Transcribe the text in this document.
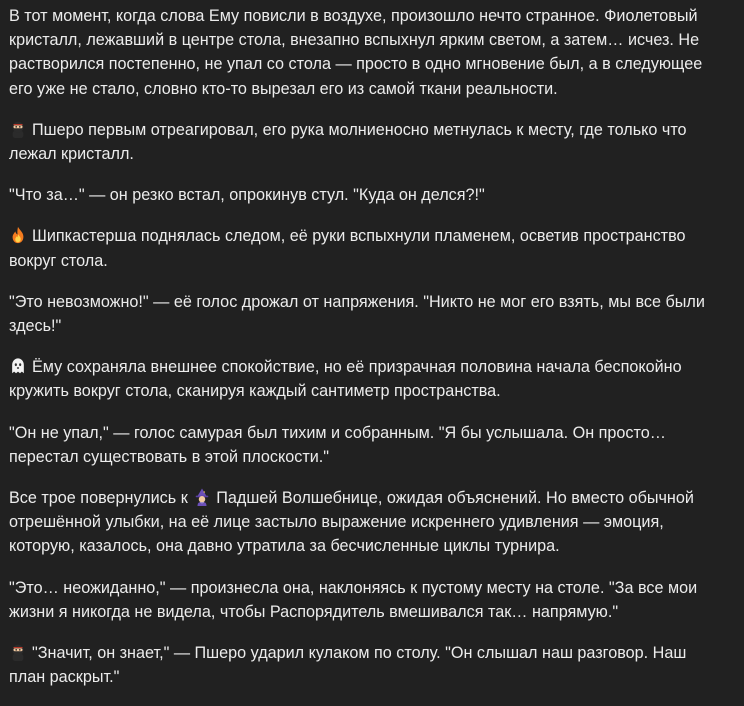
В тот момент, когда слова Ему повисли в воздухе, произошло нечто странное. Фиолетовый кристалл, лежавший в центре стола, внезапно вспыхнул ярким светом, а затем… исчез. Не растворился постепенно, не упал со стола — просто в одно мгновение был, а в следующее его уже не стало, словно кто-то вырезал его из самой ткани реальности.

Пшеро первым отреагировал, его рука молниеносно метнулась к месту, где только что лежал кристалл.

"Что за…" — он резко встал, опрокинув стул. "Куда он делся?!"

Шипкастерша поднялась следом, её руки вспыхнули пламенем, осветив пространство вокруг стола.

"Это невозможно!" — её голос дрожал от напряжения. "Никто не мог его взять, мы все были здесь!"

Ёму сохраняла внешнее спокойствие, но её призрачная половина начала беспокойно кружить вокруг стола, сканируя каждый сантиметр пространства.

"Он не упал," — голос самурая был тихим и собранным. "Я бы услышала. Он просто… перестал существовать в этой плоскости."

Все трое повернулись к Падшей Волшебнице, ожидая объяснений. Но вместо обычной отрешённой улыбки, на её лице застыло выражение искреннего удивления — эмоция, которую, казалось, она давно утратила за бесчисленные циклы турнира.

"Это… неожиданно," — произнесла она, наклоняясь к пустому месту на столе. "За все мои жизни я никогда не видела, чтобы Распорядитель вмешивался так… напрямую."

"Значит, он знает," — Пшеро ударил кулаком по столу. "Он слышал наш разговор. Наш план раскрыт."
